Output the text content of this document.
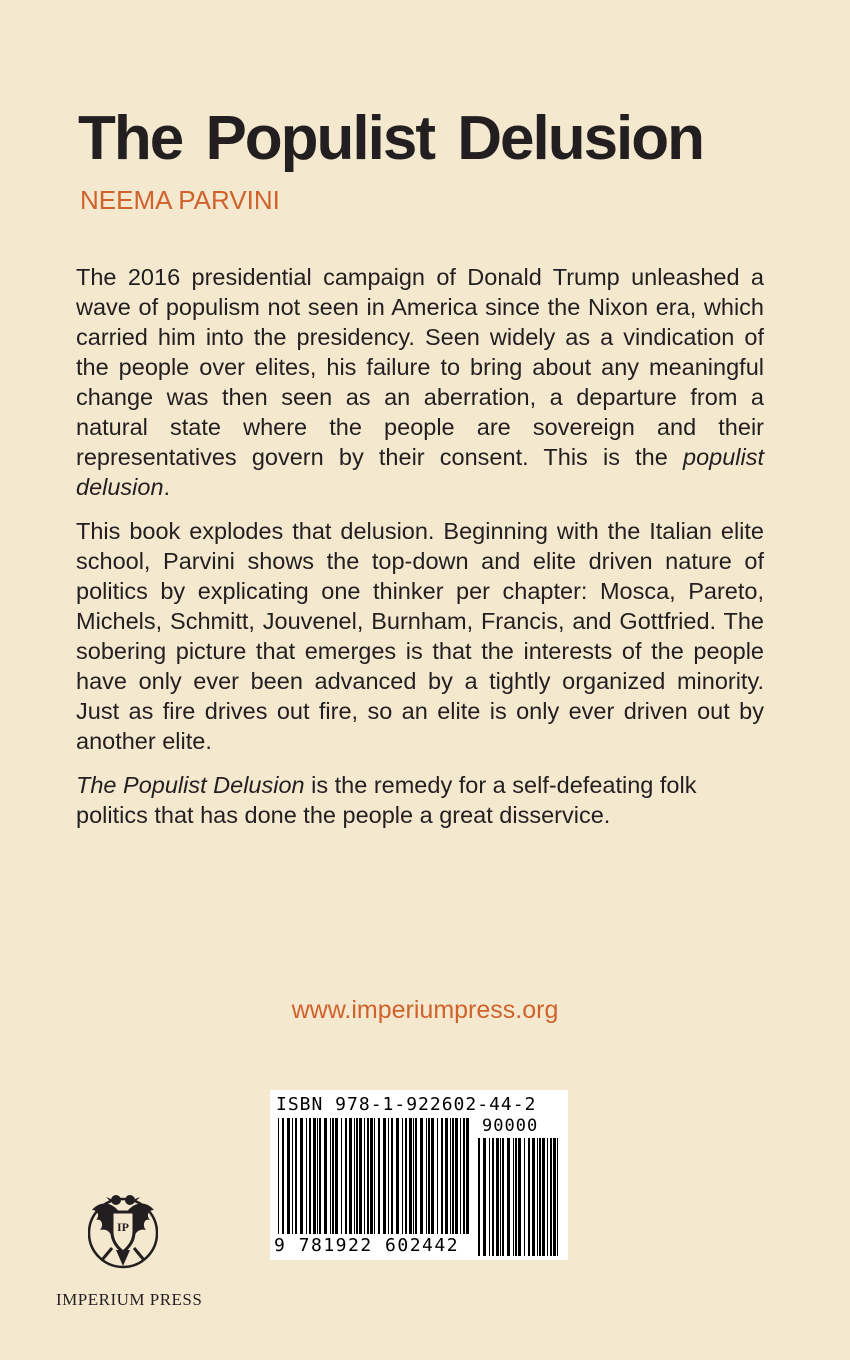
The Populist Delusion
NEEMA PARVINI

The 2016 presidential campaign of Donald Trump unleashed a wave of populism not seen in America since the Nixon era, which carried him into the presidency. Seen widely as a vindication of the people over elites, his failure to bring about any meaningful change was then seen as an aberration, a departure from a natural state where the people are sovereign and their representatives govern by their consent. This is the populist delusion.

This book explodes that delusion. Beginning with the Italian elite school, Parvini shows the top-down and elite driven nature of politics by explicating one thinker per chapter: Mosca, Pareto, Michels, Schmitt, Jouvenel, Burnham, Francis, and Gottfried. The sobering picture that emerges is that the interests of the people have only ever been advanced by a tightly organized minority. Just as fire drives out fire, so an elite is only ever driven out by another elite.

The Populist Delusion is the remedy for a self-defeating folk politics that has done the people a great disservice.

www.imperiumpress.org
ISBN 978-1-922602-44-2
90000
9 781922 602442
IP
IMPERIUM PRESS
